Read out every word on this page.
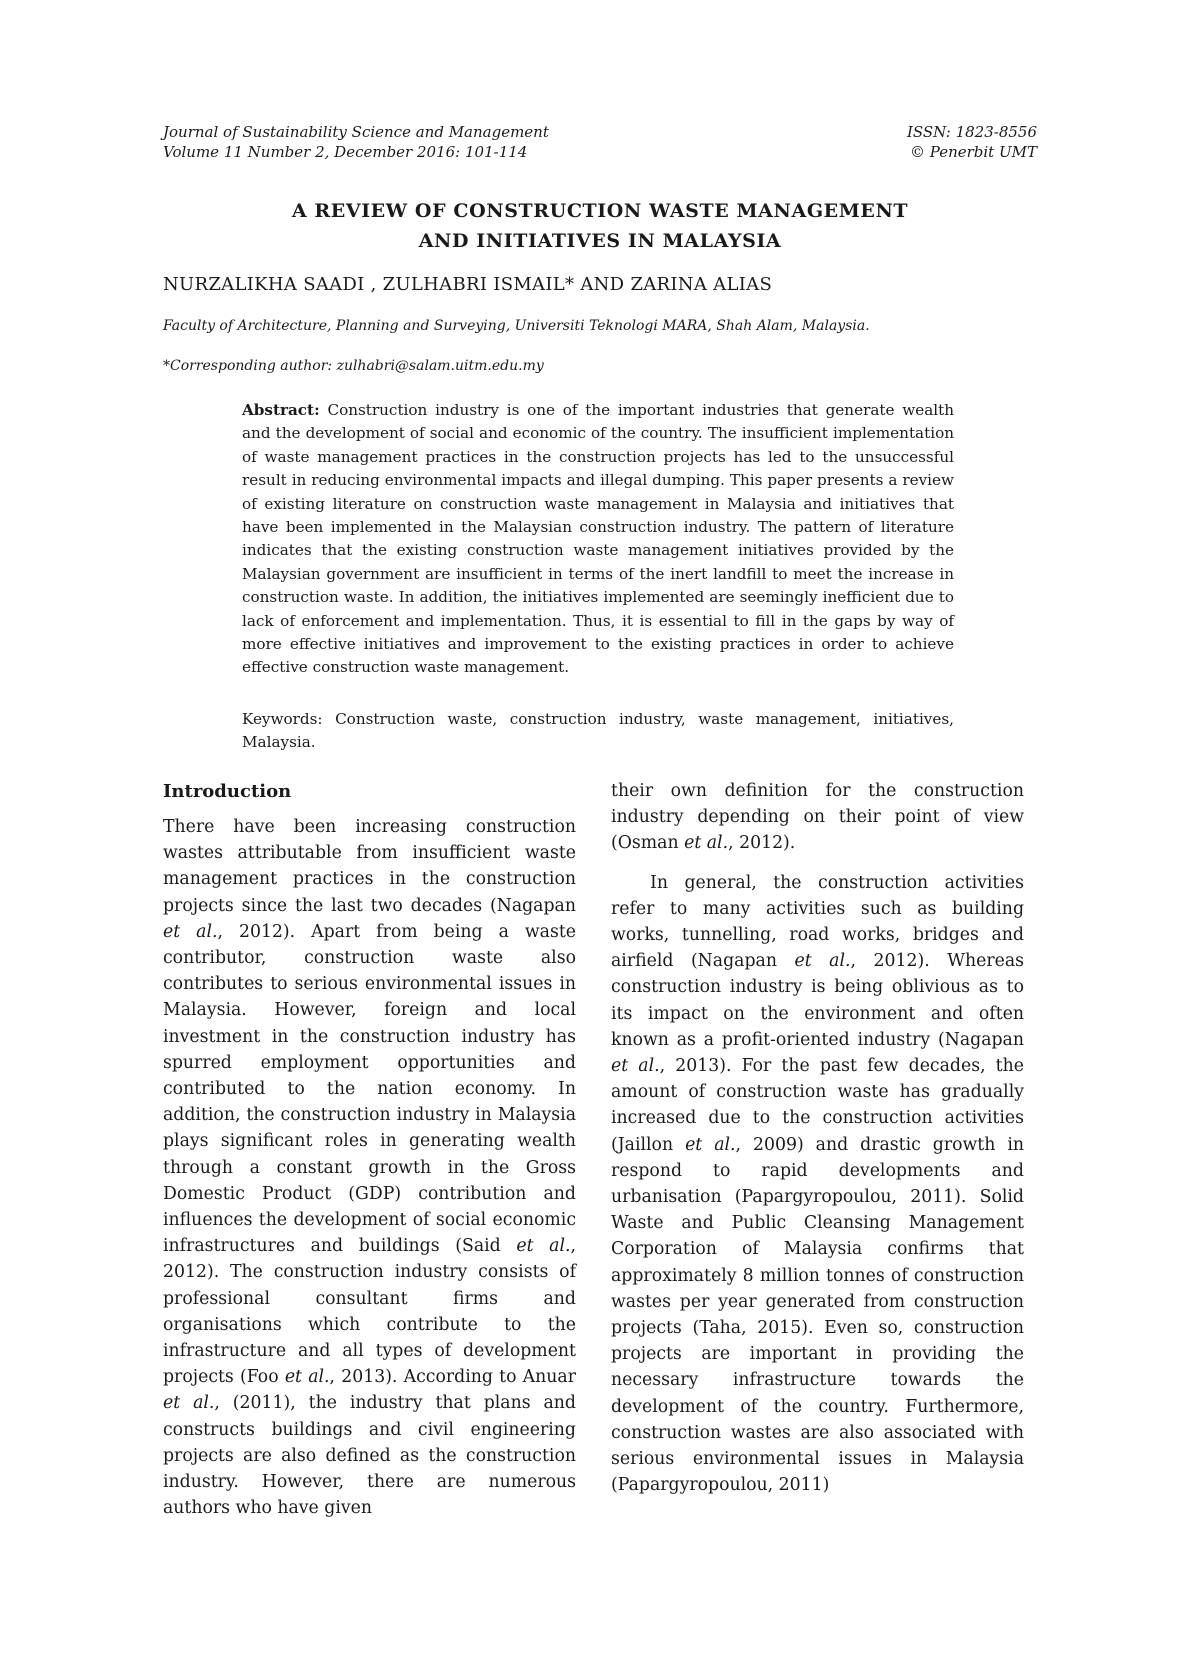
Journal of Sustainability Science and Management
Volume 11 Number 2, December 2016: 101-114
ISSN: 1823-8556
© Penerbit UMT
A REVIEW OF CONSTRUCTION WASTE MANAGEMENT
AND INITIATIVES IN MALAYSIA
NURZALIKHA SAADI , ZULHABRI ISMAIL* AND ZARINA ALIAS
Faculty of Architecture, Planning and Surveying, Universiti Teknologi MARA, Shah Alam, Malaysia.
*Corresponding author: zulhabri@salam.uitm.edu.my

Abstract: Construction industry is one of the important industries that generate wealth and the development of social and economic of the country. The insufficient implementation of waste management practices in the construction projects has led to the unsuccessful result in reducing environmental impacts and illegal dumping. This paper presents a review of existing literature on construction waste management in Malaysia and initiatives that have been implemented in the Malaysian construction industry. The pattern of literature indicates that the existing construction waste management initiatives provided by the Malaysian government are insufficient in terms of the inert landfill to meet the increase in construction waste. In addition, the initiatives implemented are seemingly inefficient due to lack of enforcement and implementation. Thus, it is essential to fill in the gaps by way of more effective initiatives and improvement to the existing practices in order to achieve effective construction waste management.

Keywords: Construction waste, construction industry, waste management, initiatives, Malaysia.

Introduction

There have been increasing construction wastes attributable from insufficient waste management practices in the construction projects since the last two decades (Nagapan et al., 2012). Apart from being a waste contributor, construction waste also contributes to serious environmental issues in Malaysia. However, foreign and local investment in the construction industry has spurred employment opportunities and contributed to the nation economy. In addition, the construction industry in Malaysia plays significant roles in generating wealth through a constant growth in the Gross Domestic Product (GDP) contribution and influences the development of social economic infrastructures and buildings (Said et al., 2012). The construction industry consists of professional consultant firms and organisations which contribute to the infrastructure and all types of development projects (Foo et al., 2013). According to Anuar et al., (2011), the industry that plans and constructs buildings and civil engineering projects are also defined as the construction industry. However, there are numerous authors who have given

their own definition for the construction industry depending on their point of view (Osman et al., 2012).

In general, the construction activities refer to many activities such as building works, tunnelling, road works, bridges and airfield (Nagapan et al., 2012). Whereas construction industry is being oblivious as to its impact on the environment and often known as a profit-oriented industry (Nagapan et al., 2013). For the past few decades, the amount of construction waste has gradually increased due to the construction activities (Jaillon et al., 2009) and drastic growth in respond to rapid developments and urbanisation (Papargyropoulou, 2011). Solid Waste and Public Cleansing Management Corporation of Malaysia confirms that approximately 8 million tonnes of construction wastes per year generated from construction projects (Taha, 2015). Even so, construction projects are important in providing the necessary infrastructure towards the development of the country. Furthermore, construction wastes are also associated with serious environmental issues in Malaysia (Papargyropoulou, 2011)
